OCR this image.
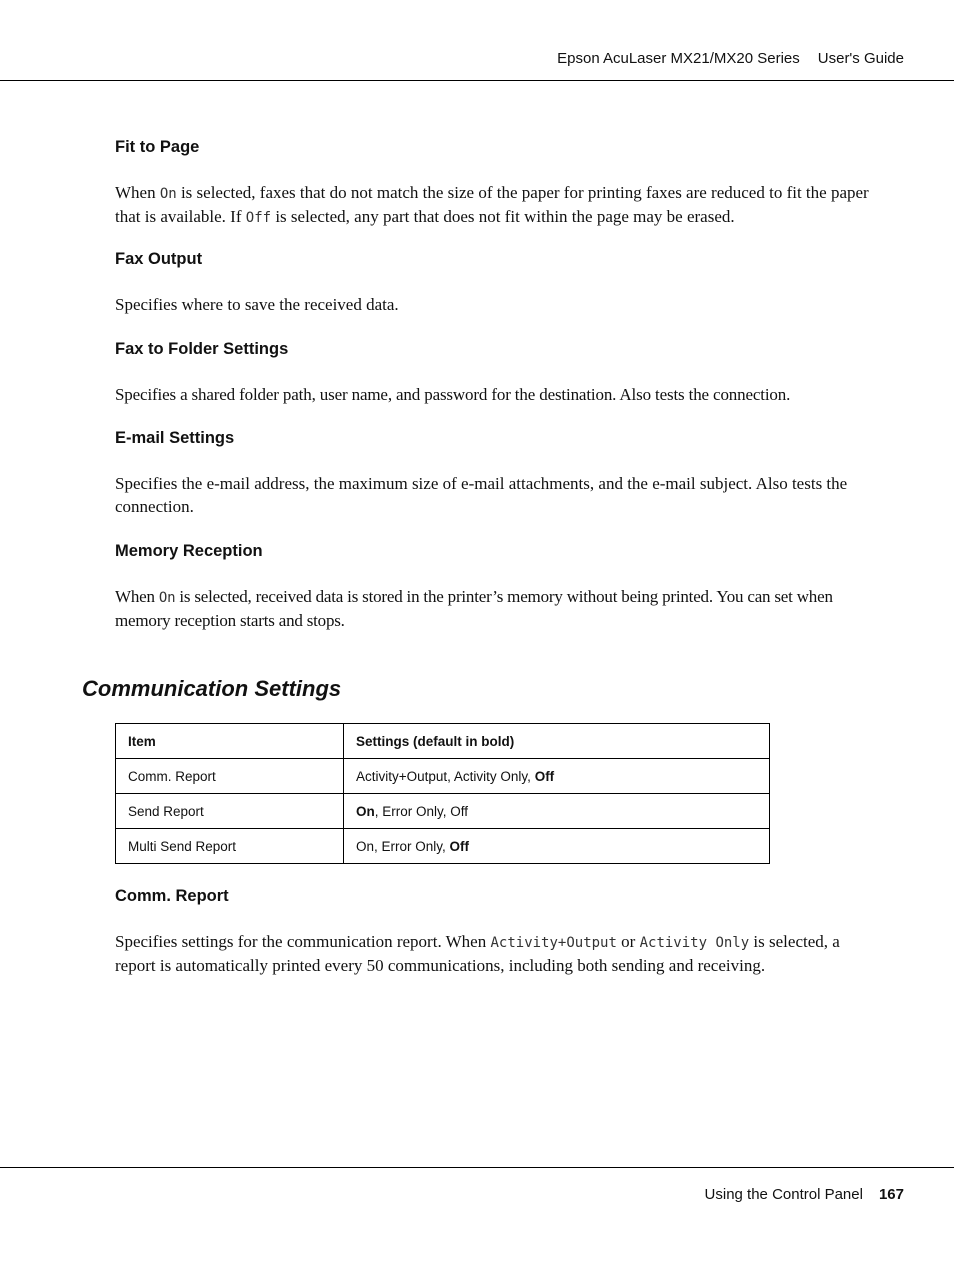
Epson AcuLaser MX21/MX20 Series User's Guide
Fit to Page

When On is selected, faxes that do not match the size of the paper for printing faxes are reduced to fit the paper that is available. If Off is selected, any part that does not fit within the page may be erased.

Fax Output

Specifies where to save the received data.

Fax to Folder Settings

Specifies a shared folder path, user name, and password for the destination. Also tests the connection.

E-mail Settings

Specifies the e-mail address, the maximum size of e-mail attachments, and the e-mail subject. Also tests the connection.

Memory Reception

When On is selected, received data is stored in the printer’s memory without being printed. You can set when memory reception starts and stops.

Communication Settings
Item	Settings (default in bold)
Comm. Report	Activity+Output, Activity Only, Off
Send Report	On, Error Only, Off
Multi Send Report	On, Error Only, Off
Comm. Report

Specifies settings for the communication report. When Activity+Output or Activity Only is selected, a report is automatically printed every 50 communications, including both sending and receiving.

Using the Control Panel 167
